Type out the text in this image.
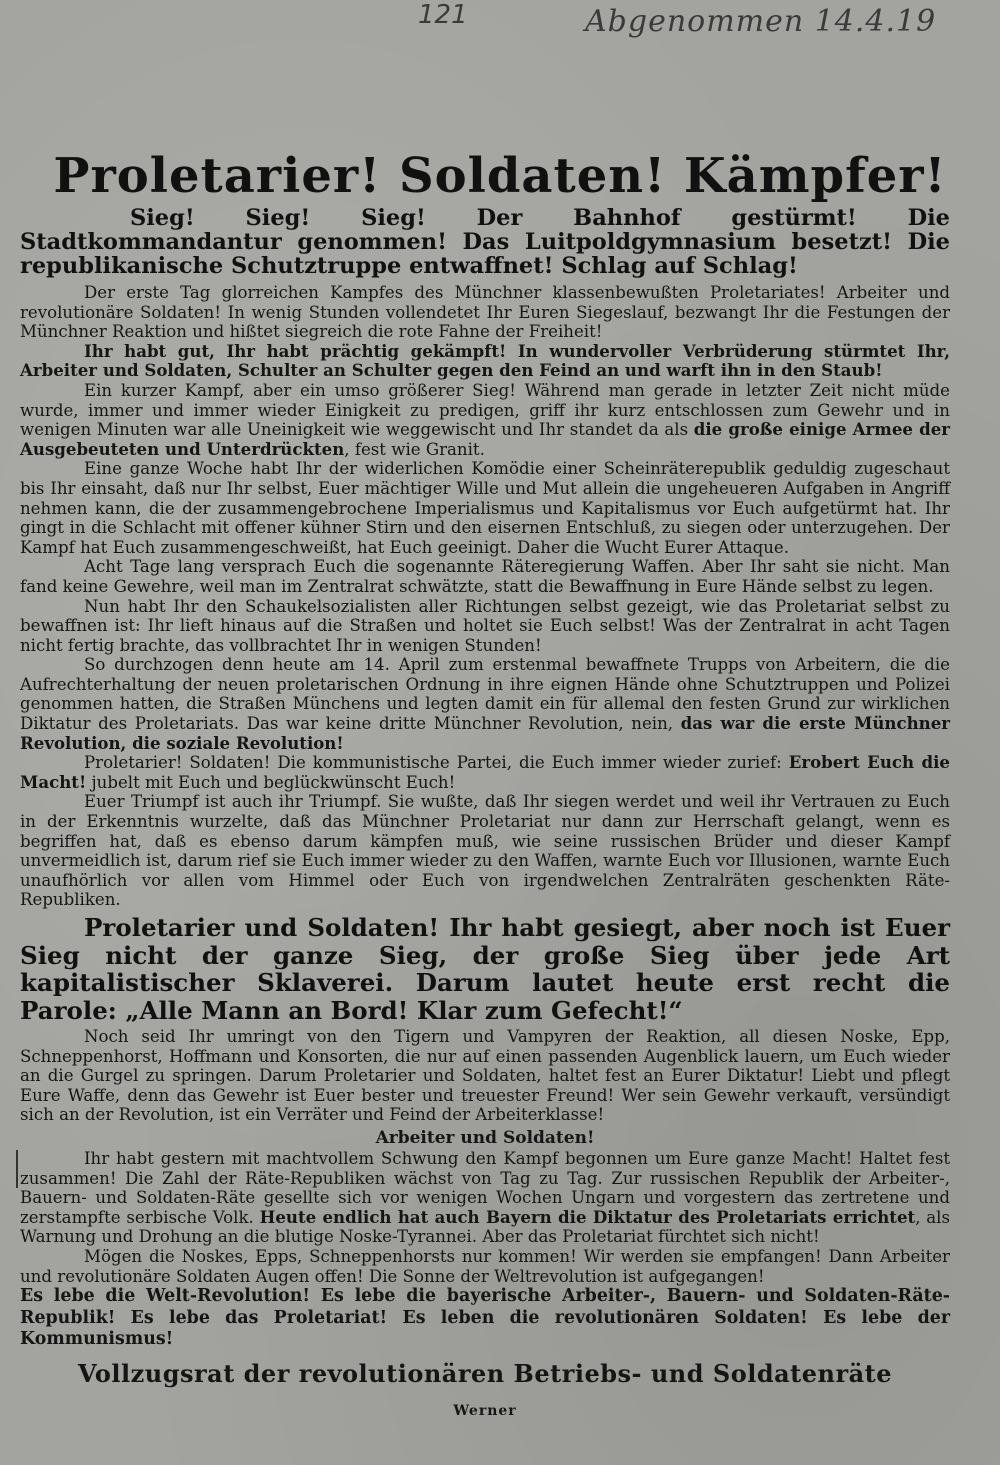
121	Abgenommen 14.4.19
Proletarier! Soldaten! Kämpfer!

Sieg! Sieg! Sieg! Der Bahnhof gestürmt! Die Stadtkommandantur genommen! Das Luitpoldgymnasium besetzt! Die republikanische Schutztruppe entwaffnet! Schlag auf Schlag!

Der erste Tag glorreichen Kampfes des Münchner klassenbewußten Proletariates! Arbeiter und revolutionäre Soldaten! In wenig Stunden vollendetet Ihr Euren Siegeslauf, bezwangt Ihr die Festungen der Münchner Reaktion und hißtet siegreich die rote Fahne der Freiheit!

Ihr habt gut, Ihr habt prächtig gekämpft! In wundervoller Verbrüderung stürmtet Ihr, Arbeiter und Soldaten, Schulter an Schulter gegen den Feind an und warft ihn in den Staub!

Ein kurzer Kampf, aber ein umso größerer Sieg! Während man gerade in letzter Zeit nicht müde wurde, immer und immer wieder Einigkeit zu predigen, griff ihr kurz entschlossen zum Gewehr und in wenigen Minuten war alle Uneinigkeit wie weggewischt und Ihr standet da als die große einige Armee der Ausgebeuteten und Unterdrückten, fest wie Granit.

Eine ganze Woche habt Ihr der widerlichen Komödie einer Scheinräterepublik geduldig zugeschaut bis Ihr einsaht, daß nur Ihr selbst, Euer mächtiger Wille und Mut allein die ungeheueren Aufgaben in Angriff nehmen kann, die der zusammengebrochene Imperialismus und Kapitalismus vor Euch aufgetürmt hat. Ihr gingt in die Schlacht mit offener kühner Stirn und den eisernen Entschluß, zu siegen oder unterzugehen. Der Kampf hat Euch zusammengeschweißt, hat Euch geeinigt. Daher die Wucht Eurer Attaque.

Acht Tage lang versprach Euch die sogenannte Räteregierung Waffen. Aber Ihr saht sie nicht. Man fand keine Gewehre, weil man im Zentralrat schwätzte, statt die Bewaffnung in Eure Hände selbst zu legen.

Nun habt Ihr den Schaukelsozialisten aller Richtungen selbst gezeigt, wie das Proletariat selbst zu bewaffnen ist: Ihr lieft hinaus auf die Straßen und holtet sie Euch selbst! Was der Zentralrat in acht Tagen nicht fertig brachte, das vollbrachtet Ihr in wenigen Stunden!

So durchzogen denn heute am 14. April zum erstenmal bewaffnete Trupps von Arbeitern, die die Aufrechterhaltung der neuen proletarischen Ordnung in ihre eignen Hände ohne Schutztruppen und Polizei genommen hatten, die Straßen Münchens und legten damit ein für allemal den festen Grund zur wirklichen Diktatur des Proletariats. Das war keine dritte Münchner Revolution, nein, das war die erste Münchner Revolution, die soziale Revolution!

Proletarier! Soldaten! Die kommunistische Partei, die Euch immer wieder zurief: Erobert Euch die Macht! jubelt mit Euch und beglückwünscht Euch!

Euer Triumpf ist auch ihr Triumpf. Sie wußte, daß Ihr siegen werdet und weil ihr Vertrauen zu Euch in der Erkenntnis wurzelte, daß das Münchner Proletariat nur dann zur Herrschaft gelangt, wenn es begriffen hat, daß es ebenso darum kämpfen muß, wie seine russischen Brüder und dieser Kampf unvermeidlich ist, darum rief sie Euch immer wieder zu den Waffen, warnte Euch vor Illusionen, warnte Euch unaufhörlich vor allen vom Himmel oder Euch von irgendwelchen Zentralräten geschenkten Räte-Republiken.

Proletarier und Soldaten! Ihr habt gesiegt, aber noch ist Euer Sieg nicht der ganze Sieg, der große Sieg über jede Art kapitalistischer Sklaverei. Darum lautet heute erst recht die Parole: „Alle Mann an Bord! Klar zum Gefecht!“

Noch seid Ihr umringt von den Tigern und Vampyren der Reaktion, all diesen Noske, Epp, Schneppenhorst, Hoffmann und Konsorten, die nur auf einen passenden Augenblick lauern, um Euch wieder an die Gurgel zu springen. Darum Proletarier und Soldaten, haltet fest an Eurer Diktatur! Liebt und pflegt Eure Waffe, denn das Gewehr ist Euer bester und treuester Freund! Wer sein Gewehr verkauft, versündigt sich an der Revolution, ist ein Verräter und Feind der Arbeiterklasse!

Arbeiter und Soldaten!

Ihr habt gestern mit machtvollem Schwung den Kampf begonnen um Eure ganze Macht! Haltet fest zusammen! Die Zahl der Räte-Republiken wächst von Tag zu Tag. Zur russischen Republik der Arbeiter-, Bauern- und Soldaten-Räte gesellte sich vor wenigen Wochen Ungarn und vorgestern das zertretene und zerstampfte serbische Volk. Heute endlich hat auch Bayern die Diktatur des Proletariats errichtet, als Warnung und Drohung an die blutige Noske-Tyrannei. Aber das Proletariat fürchtet sich nicht!

Mögen die Noskes, Epps, Schneppenhorsts nur kommen! Wir werden sie empfangen! Dann Arbeiter und revolutionäre Soldaten Augen offen! Die Sonne der Weltrevolution ist aufgegangen!

Es lebe die Welt-Revolution! Es lebe die bayerische Arbeiter-, Bauern- und Soldaten-Räte-Republik! Es lebe das Proletariat! Es leben die revolutionären Soldaten! Es lebe der Kommunismus!

Vollzugsrat der revolutionären Betriebs- und Soldatenräte

Werner
